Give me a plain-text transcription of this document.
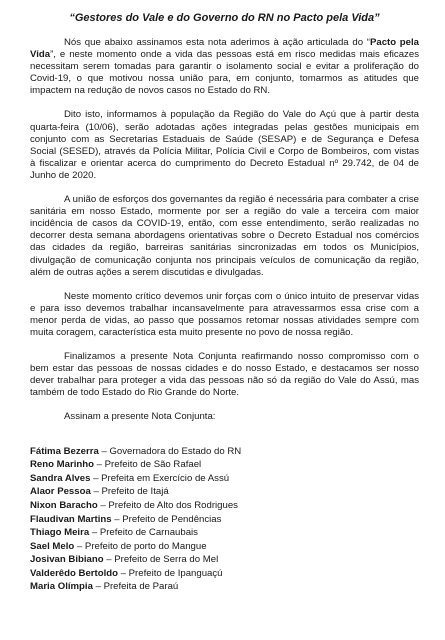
“Gestores do Vale e do Governo do RN no Pacto pela Vida”

Nós que abaixo assinamos esta nota aderimos à ação articulada do “Pacto pela Vida”, e neste momento onde a vida das pessoas está em risco medidas mais eficazes necessitam serem tomadas para garantir o isolamento social e evitar a proliferação do Covid-19, o que motivou nossa união para, em conjunto, tomarmos as atitudes que impactem na redução de novos casos no Estado do RN.

Dito isto, informamos à população da Região do Vale do Açú que à partir desta quarta-feira (10/06), serão adotadas ações integradas pelas gestões municipais em conjunto com as Secretarias Estaduais de Saúde (SESAP) e de Segurança e Defesa Social (SESED), através da Polícia Militar, Polícia Civil e Corpo de Bombeiros, com vistas à fiscalizar e orientar acerca do cumprimento do Decreto Estadual nº 29.742, de 04 de Junho de 2020.

A união de esforços dos governantes da região é necessária para combater a crise sanitária em nosso Estado, mormente por ser a região do vale a terceira com maior incidência de casos da COVID-19, então, com esse entendimento, serão realizadas no decorrer desta semana abordagens orientativas sobre o Decreto Estadual nos comércios das cidades da região, barreiras sanitárias sincronizadas em todos os Municípios, divulgação de comunicação conjunta nos principais veículos de comunicação da região, além de outras ações a serem discutidas e divulgadas.

Neste momento crítico devemos unir forças com o único intuito de preservar vidas e para isso devemos trabalhar incansavelmente para atravessarmos essa crise com a menor perda de vidas, ao passo que possamos retomar nossas atividades sempre com muita coragem, característica esta muito presente no povo de nossa região.

Finalizamos a presente Nota Conjunta reafirmando nosso compromisso com o bem estar das pessoas de nossas cidades e do nosso Estado, e destacamos ser nosso dever trabalhar para proteger a vida das pessoas não só da região do Vale do Assú, mas também de todo Estado do Rio Grande do Norte.

Assinam a presente Nota Conjunta:

Fátima Bezerra – Governadora do Estado do RN
Reno Marinho – Prefeito de São Rafael
Sandra Alves – Prefeita em Exercício de Assú
Alaor Pessoa – Prefeito de Itajá
Nixon Baracho – Prefeito de Alto dos Rodrigues
Flaudivan Martins – Prefeito de Pendências
Thiago Meira – Prefeito de Carnaubais
Sael Melo – Prefeito de porto do Mangue
Josivan Bibiano – Prefeito de Serra do Mel
Valderêdo Bertoldo – Prefeito de Ipanguaçú
Maria Olímpia – Prefeita de Paraú
